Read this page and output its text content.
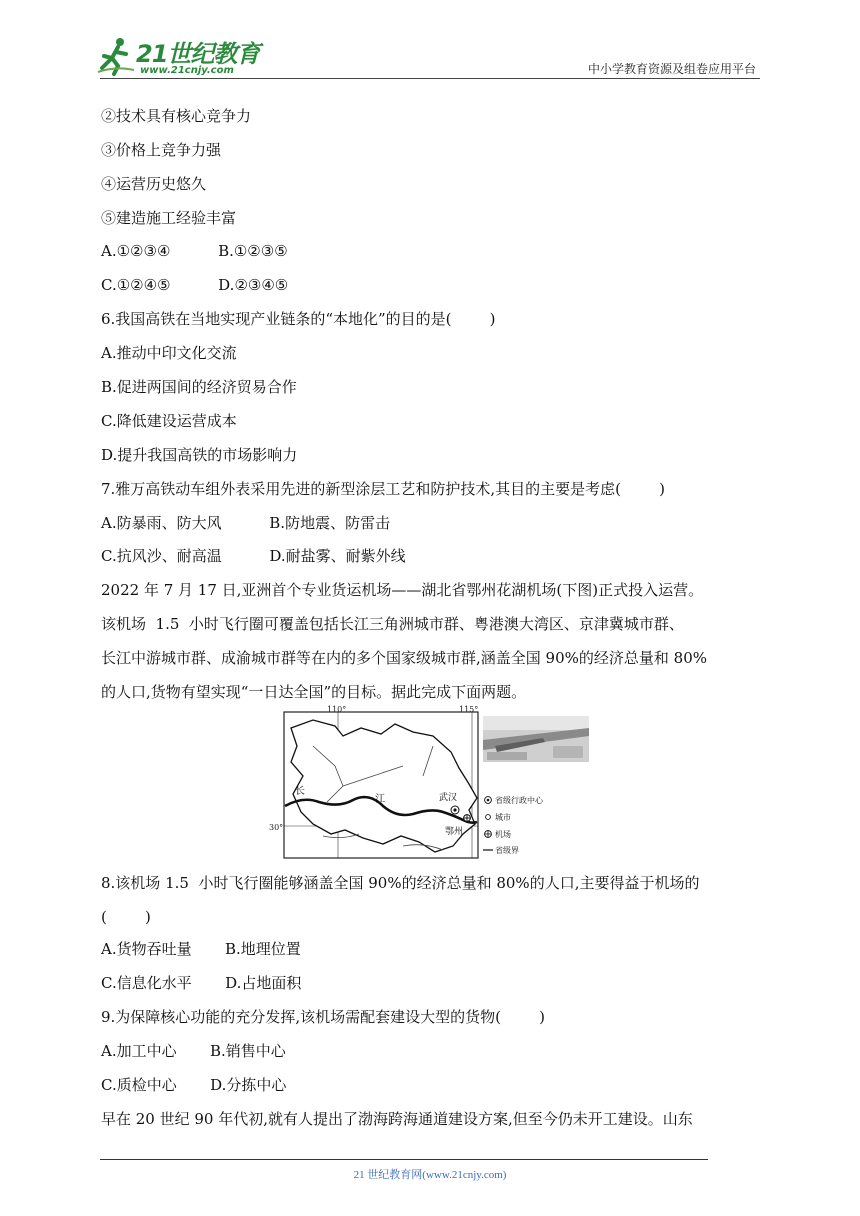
21世纪教育
www.21cnjy.com	中小学教育资源及组卷应用平台
②技术具有核心竞争力
③价格上竞争力强
④运营历史悠久
⑤建造施工经验丰富
A.①②③④          B.①②③⑤
C.①②④⑤          D.②③④⑤
6.我国高铁在当地实现产业链条的“本地化”的目的是(        )
A.推动中印文化交流
B.促进两国间的经济贸易合作
C.降低建设运营成本
D.提升我国高铁的市场影响力
7.雅万高铁动车组外表采用先进的新型涂层工艺和防护技术,其目的主要是考虑(        )
A.防暴雨、防大风          B.防地震、防雷击
C.抗风沙、耐高温          D.耐盐雾、耐紫外线
2022 年 7 月 17 日,亚洲首个专业货运机场——湖北省鄂州花湖机场(下图)正式投入运营。
该机场  1.5  小时飞行圈可覆盖包括长江三角洲城市群、粤港澳大湾区、京津冀城市群、
长江中游城市群、成渝城市群等在内的多个国家级城市群,涵盖全国 90%的经济总量和 80%
的人口,货物有望实现“一日达全国”的目标。据此完成下面两题。
110°	115°
30°
长
江	武汉
鄂州
省级行政中心
城市
机场
省级界
8.该机场 1.5  小时飞行圈能够涵盖全国 90%的经济总量和 80%的人口,主要得益于机场的
(        )
A.货物吞吐量       B.地理位置
C.信息化水平       D.占地面积
9.为保障核心功能的充分发挥,该机场需配套建设大型的货物(        )
A.加工中心       B.销售中心
C.质检中心       D.分拣中心
早在 20 世纪 90 年代初,就有人提出了渤海跨海通道建设方案,但至今仍未开工建设。山东
21 世纪教育网(www.21cnjy.com)
